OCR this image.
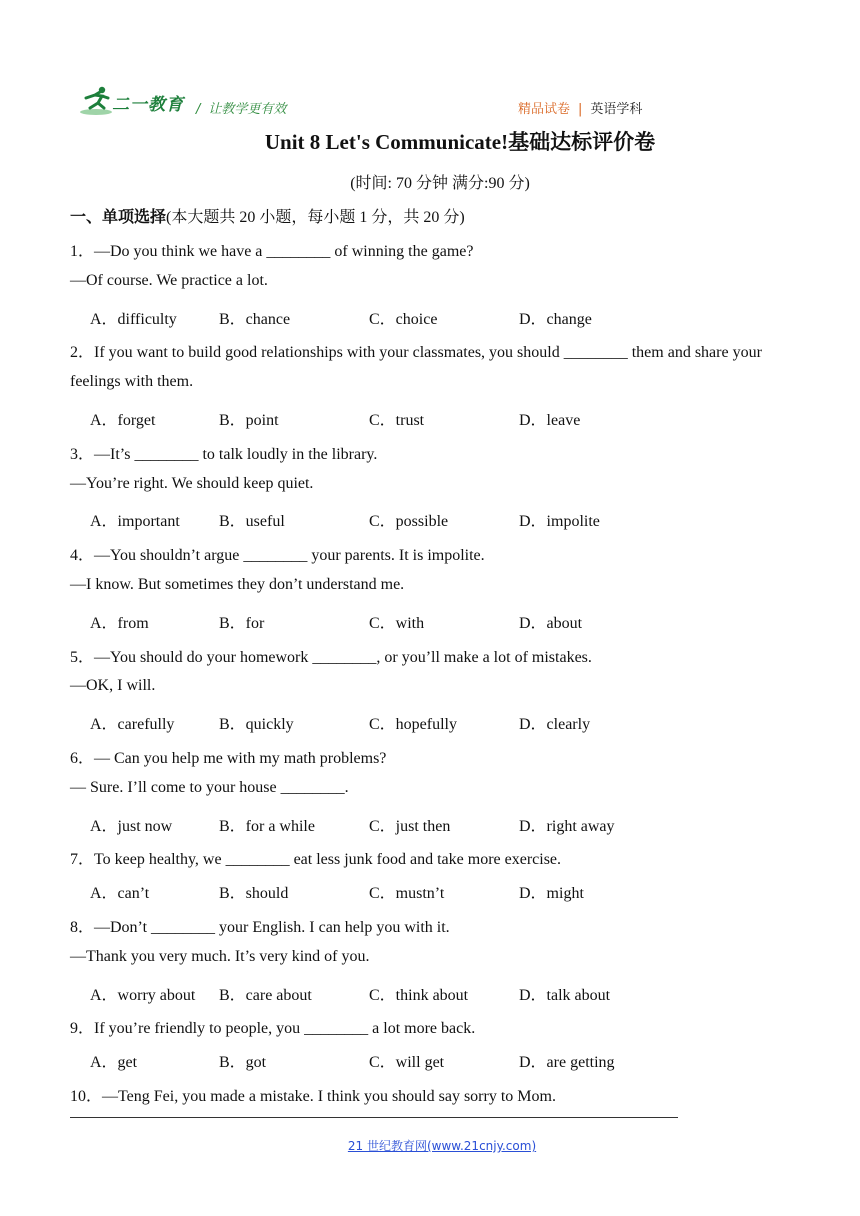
二一教育 / 让教学更有效	精品试卷 | 英语学科
Unit 8 Let's Communicate!基础达标评价卷
(时间: 70 分钟 满分:90 分)
一、单项选择(本大题共 20 小题，每小题 1 分，共 20 分)
1．—Do you think we have a ________ of winning the game?
—Of course. We practice a lot.
A．difficulty	B．chance	C．choice	D．change
2．If you want to build good relationships with your classmates, you should ________ them and share your
feelings with them.
A．forget	B．point	C．trust	D．leave
3．—It’s ________ to talk loudly in the library.
—You’re right. We should keep quiet.
A．important B．useful	C．possible	D．impolite
4．—You shouldn’t argue ________ your parents. It is impolite.
—I know. But sometimes they don’t understand me.
A．from	B．for	C．with	D．about
5．—You should do your homework ________, or you’ll make a lot of mistakes.
—OK, I will.
A．carefully	B．quickly	C．hopefully	D．clearly
6．— Can you help me with my math problems?
— Sure. I’ll come to your house ________.
A．just now	B．for a while	C．just then	D．right away
7．To keep healthy, we ________ eat less junk food and take more exercise.
A．can’t	B．should	C．mustn’t	D．might
8．—Don’t ________ your English. I can help you with it.
—Thank you very much. It’s very kind of you.
A．worry about B．care about	C．think about	D．talk about
9．If you’re friendly to people, you ________ a lot more back.
A．get	B．got	C．will get	D．are getting
10．—Teng Fei, you made a mistake. I think you should say sorry to Mom.
21 世纪教育网(www.21cnjy.com)
